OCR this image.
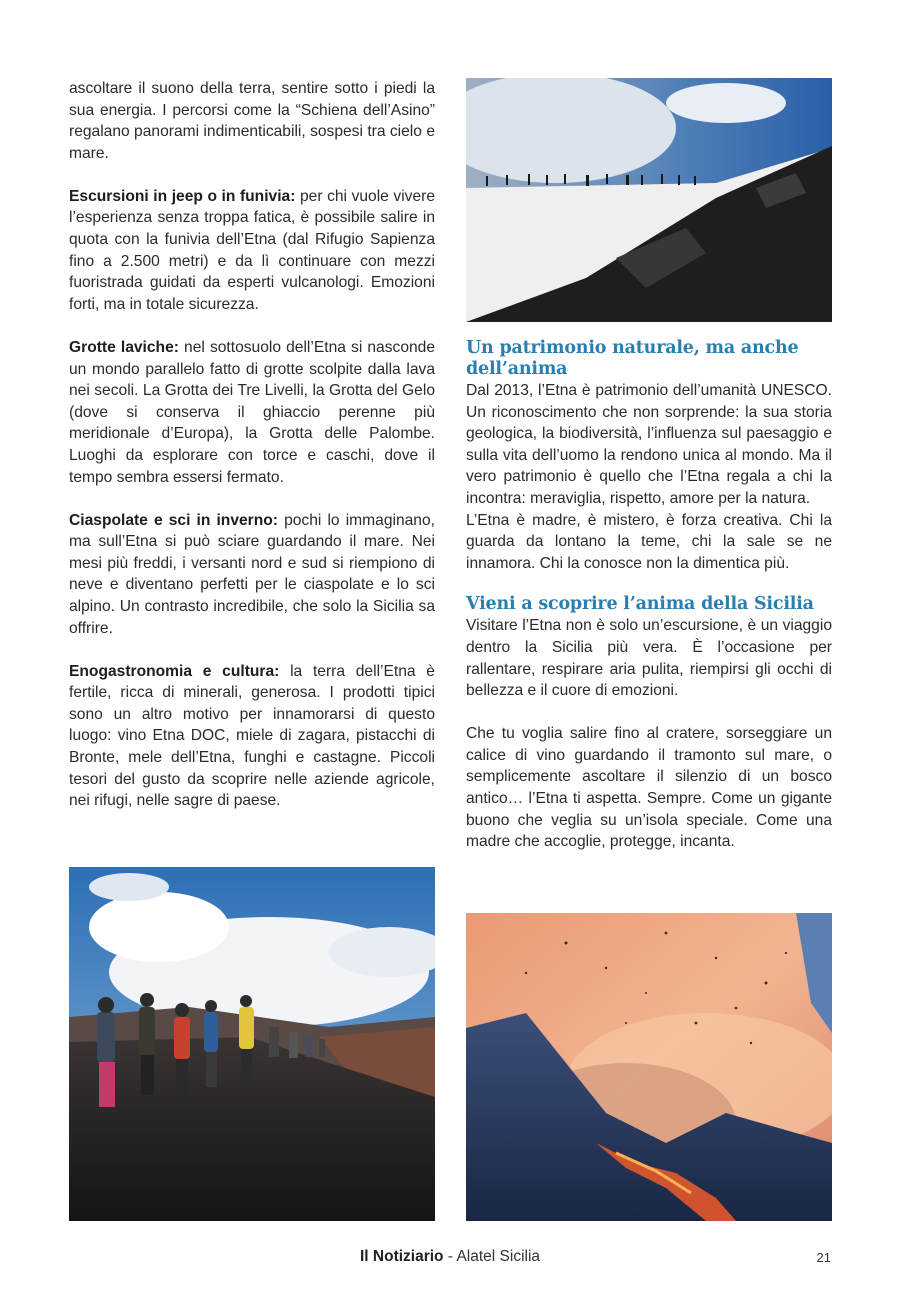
ascoltare il suono della terra, sentire sotto i piedi la sua energia. I percorsi come la “Schiena dell’Asino” regalano panorami indimenticabili, sospesi tra cielo e mare.

Escursioni in jeep o in funivia: per chi vuole vivere l’esperienza senza troppa fatica, è possibile salire in quota con la funivia dell’Etna (dal Rifugio Sapienza fino a 2.500 metri) e da lì continuare con mezzi fuoristrada guidati da esperti vulcanologi. Emozioni forti, ma in totale sicurezza.

Grotte laviche: nel sottosuolo dell’Etna si nasconde un mondo parallelo fatto di grotte scolpite dalla lava nei secoli. La Grotta dei Tre Livelli, la Grotta del Gelo (dove si conserva il ghiaccio perenne più meridionale d’Europa), la Grotta delle Palombe. Luoghi da esplorare con torce e caschi, dove il tempo sembra essersi fermato.

Ciaspolate e sci in inverno: pochi lo immaginano, ma sull’Etna si può sciare guardando il mare. Nei mesi più freddi, i versanti nord e sud si riempiono di neve e diventano perfetti per le ciaspolate e lo sci alpino. Un contrasto incredibile, che solo la Sicilia sa offrire.

Enogastronomia e cultura: la terra dell’Etna è fertile, ricca di minerali, generosa. I prodotti tipici sono un altro motivo per innamorarsi di questo luogo: vino Etna DOC, miele di zagara, pistacchi di Bronte, mele dell’Etna, funghi e castagne. Piccoli tesori del gusto da scoprire nelle aziende agricole, nei rifugi, nelle sagre di paese.

Un patrimonio naturale, ma anche dell’anima

Dal 2013, l’Etna è patrimonio dell’umanità UNESCO. Un riconoscimento che non sorprende: la sua storia geologica, la biodiversità, l’influenza sul paesaggio e sulla vita dell’uomo la rendono unica al mondo. Ma il vero patrimonio è quello che l’Etna regala a chi la incontra: meraviglia, rispetto, amore per la natura.

L’Etna è madre, è mistero, è forza creativa. Chi la guarda da lontano la teme, chi la sale se ne innamora. Chi la conosce non la dimentica più.

Vieni a scoprire l’anima della Sicilia

Visitare l’Etna non è solo un’escursione, è un viaggio dentro la Sicilia più vera. È l’occasione per rallentare, respirare aria pulita, riempirsi gli occhi di bellezza e il cuore di emozioni.

Che tu voglia salire fino al cratere, sorseggiare un calice di vino guardando il tramonto sul mare, o semplicemente ascoltare il silenzio di un bosco antico… l’Etna ti aspetta. Sempre. Come un gigante buono che veglia su un’isola speciale. Come una madre che accoglie, protegge, incanta.

Il Notiziario - Alatel Sicilia	21
